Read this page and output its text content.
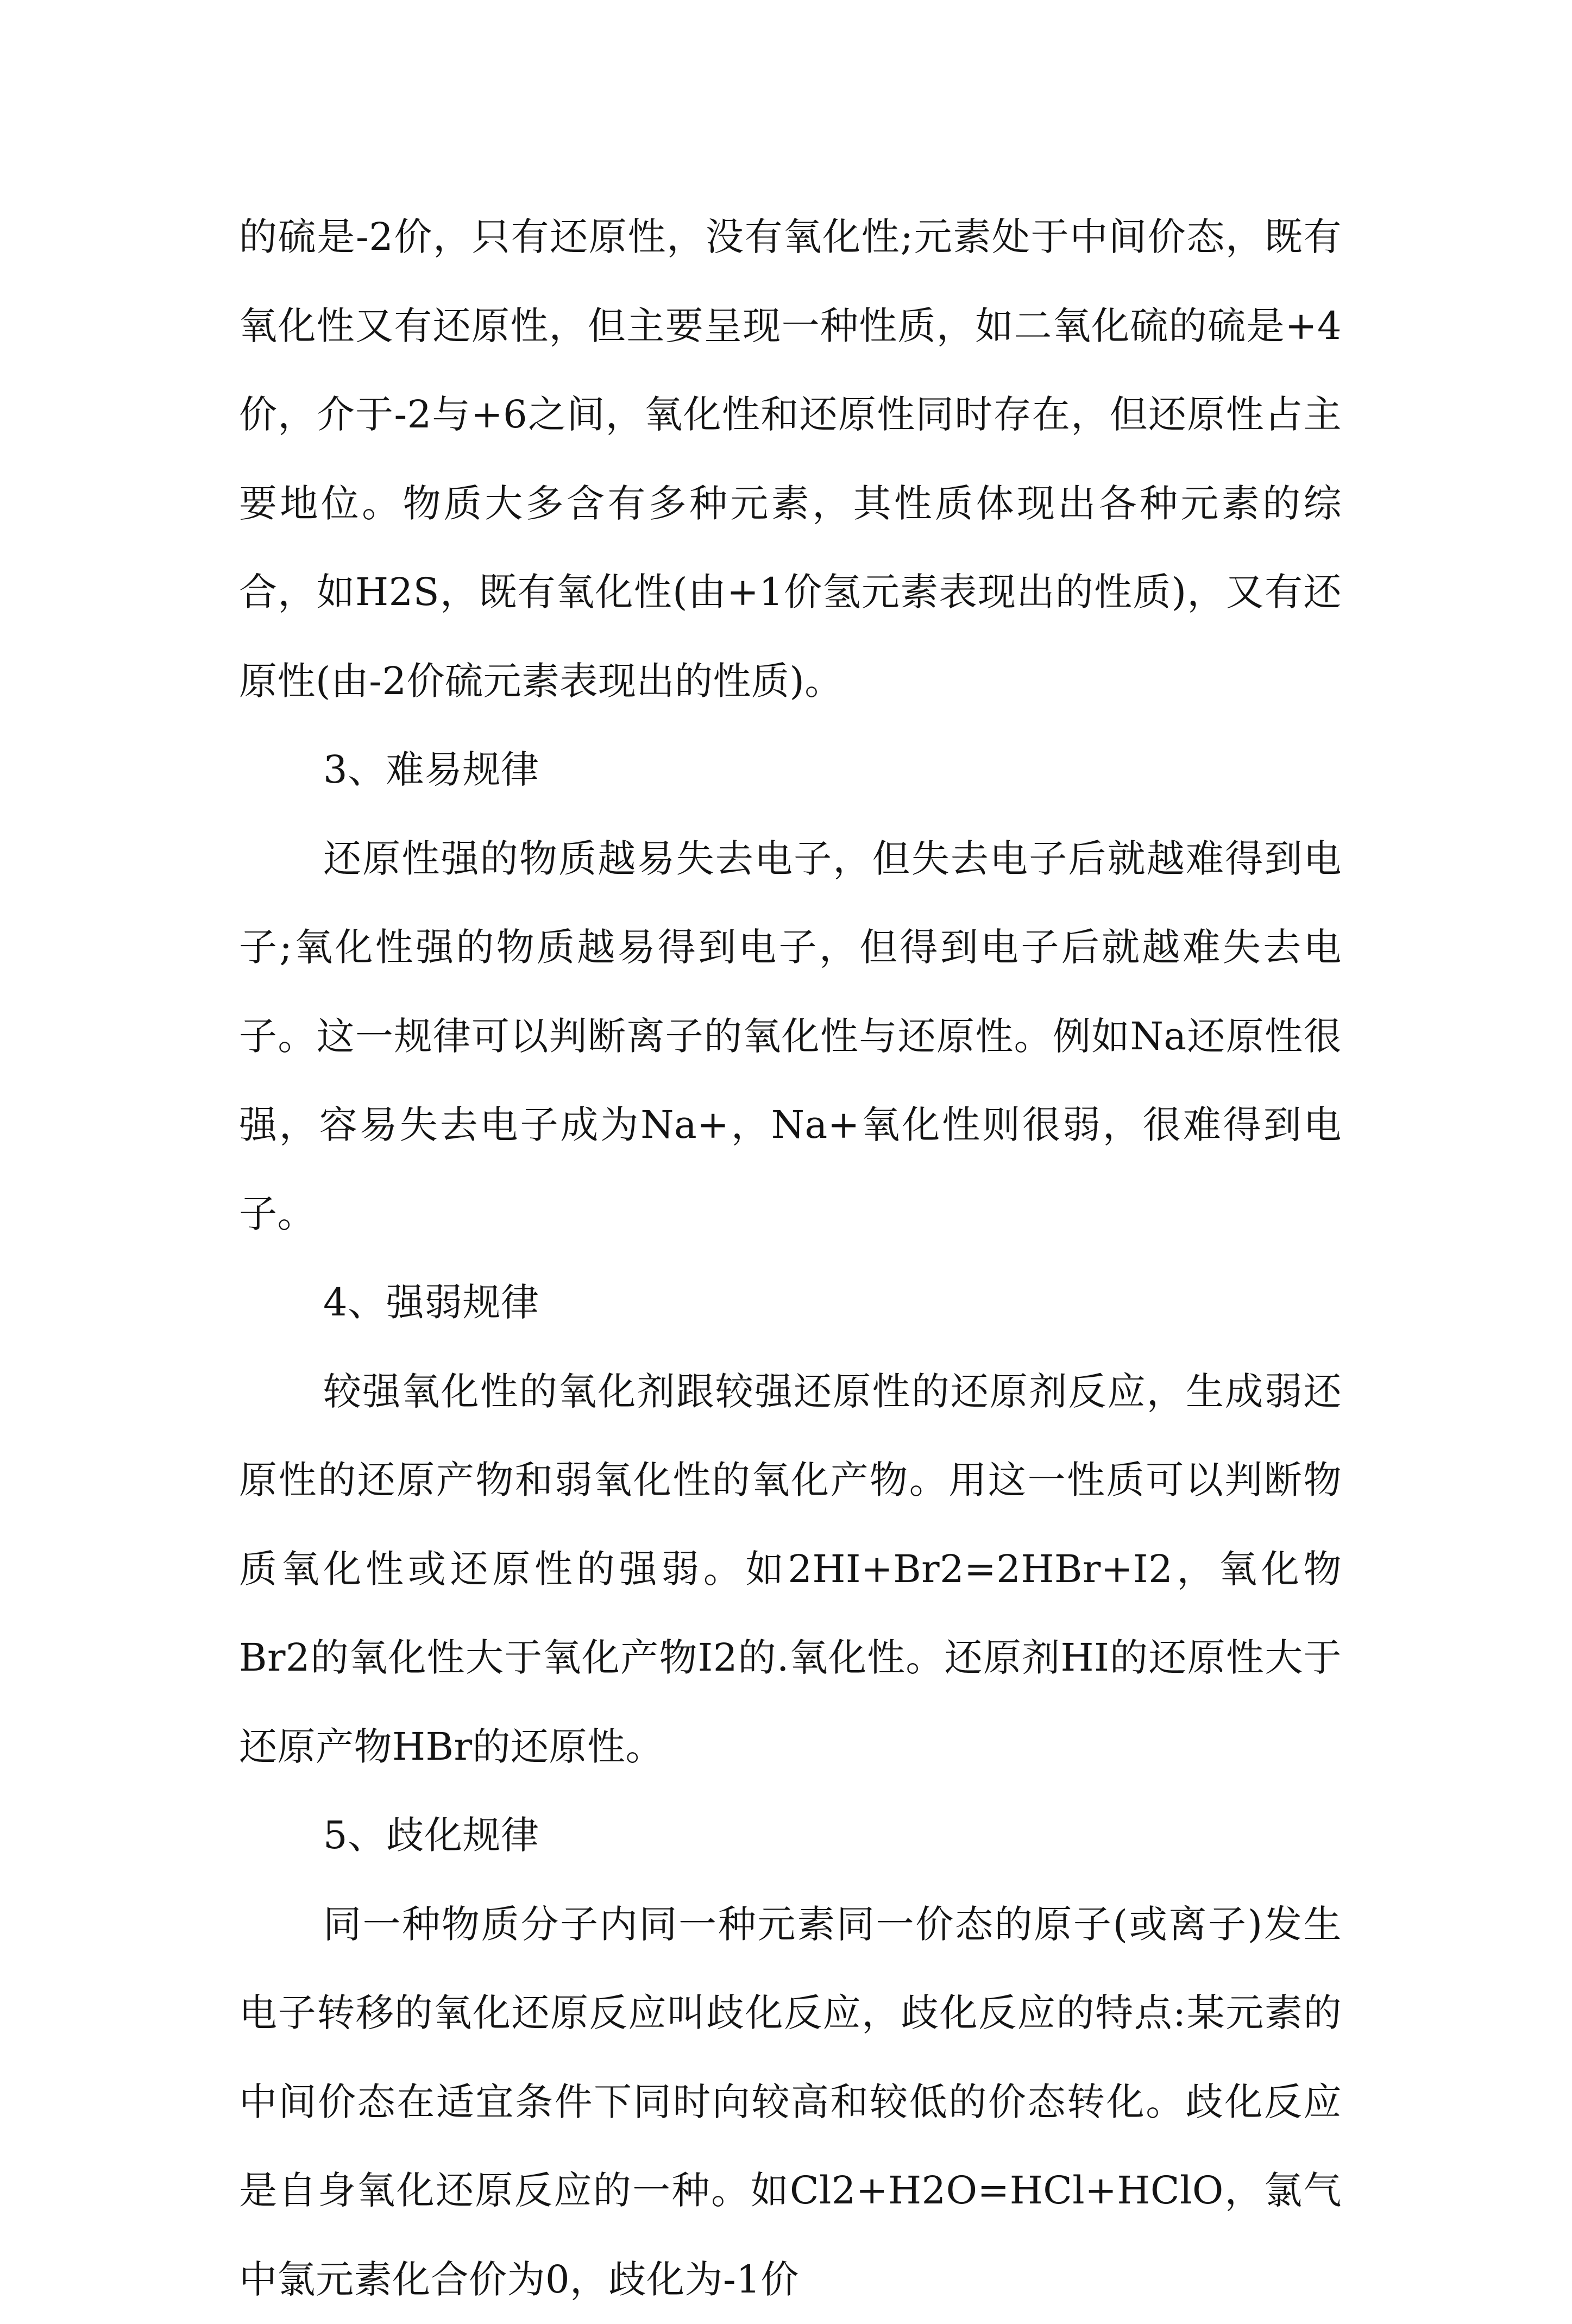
的硫是-2价，只有还原性，没有氧化性;元素处于中间价态，既有氧化性又有还原性，但主要呈现一种性质，如二氧化硫的硫是+4价，介于-2与+6之间，氧化性和还原性同时存在，但还原性占主要地位。物质大多含有多种元素，其性质体现出各种元素的综合，如H2S，既有氧化性(由+1价氢元素表现出的性质)，又有还原性(由-2价硫元素表现出的性质)。

3、难易规律

还原性强的物质越易失去电子，但失去电子后就越难得到电子;氧化性强的物质越易得到电子，但得到电子后就越难失去电子。这一规律可以判断离子的氧化性与还原性。例如Na还原性很强，容易失去电子成为Na+，Na+氧化性则很弱，很难得到电子。

4、强弱规律

较强氧化性的氧化剂跟较强还原性的还原剂反应，生成弱还原性的还原产物和弱氧化性的氧化产物。用这一性质可以判断物质氧化性或还原性的强弱。如2HI+Br2=2HBr+I2，氧化物Br2的氧化性大于氧化产物I2的.氧化性。还原剂HI的还原性大于还原产物HBr的还原性。

5、歧化规律

同一种物质分子内同一种元素同一价态的原子(或离子)发生电子转移的氧化还原反应叫歧化反应，歧化反应的特点:某元素的中间价态在适宜条件下同时向较高和较低的价态转化。歧化反应是自身氧化还原反应的一种。如Cl2+H2O=HCl+HClO，氯气中氯元素化合价为0，歧化为-1价
